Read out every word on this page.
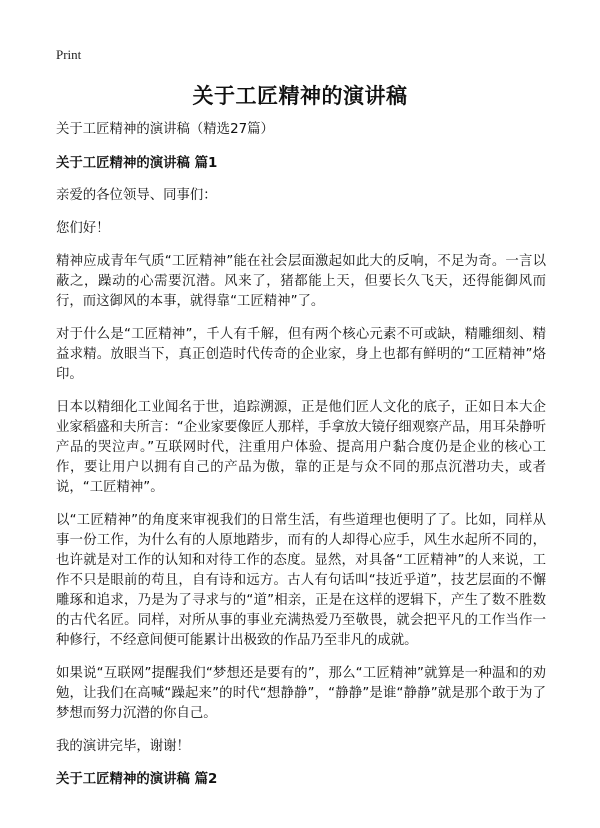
Print
关于工匠精神的演讲稿

关于工匠精神的演讲稿（精选27篇）

关于工匠精神的演讲稿 篇1

亲爱的各位领导、同事们：

您们好！

精神应成青年气质“工匠精神”能在社会层面激起如此大的反响，不足为奇。一言以蔽之，躁动的心需要沉潜。风来了，猪都能上天，但要长久飞天，还得能御风而行，而这御风的本事，就得靠“工匠精神”了。

对于什么是“工匠精神”，千人有千解，但有两个核心元素不可或缺，精雕细刻、精益求精。放眼当下，真正创造时代传奇的企业家，身上也都有鲜明的“工匠精神”烙印。

日本以精细化工业闻名于世，追踪溯源，正是他们匠人文化的底子，正如日本大企业家稻盛和夫所言：“企业家要像匠人那样，手拿放大镜仔细观察产品，用耳朵静听产品的哭泣声。”互联网时代，注重用户体验、提高用户黏合度仍是企业的核心工作，要让用户以拥有自己的产品为傲，靠的正是与众不同的那点沉潜功夫，或者说，“工匠精神”。

以“工匠精神”的角度来审视我们的日常生活，有些道理也便明了了。比如，同样从事一份工作，为什么有的人原地踏步，而有的人却得心应手，风生水起所不同的，也许就是对工作的认知和对待工作的态度。显然，对具备“工匠精神”的人来说，工作不只是眼前的苟且，自有诗和远方。古人有句话叫“技近乎道”，技艺层面的不懈雕琢和追求，乃是为了寻求与的“道”相亲，正是在这样的逻辑下，产生了数不胜数的古代名匠。同样，对所从事的事业充满热爱乃至敬畏，就会把平凡的工作当作一种修行，不经意间便可能累计出极致的作品乃至非凡的成就。

如果说“互联网”提醒我们“梦想还是要有的”，那么“工匠精神”就算是一种温和的劝勉，让我们在高喊“躁起来”的时代“想静静”，“静静”是谁“静静”就是那个敢于为了梦想而努力沉潜的你自己。

我的演讲完毕，谢谢！

关于工匠精神的演讲稿 篇2
